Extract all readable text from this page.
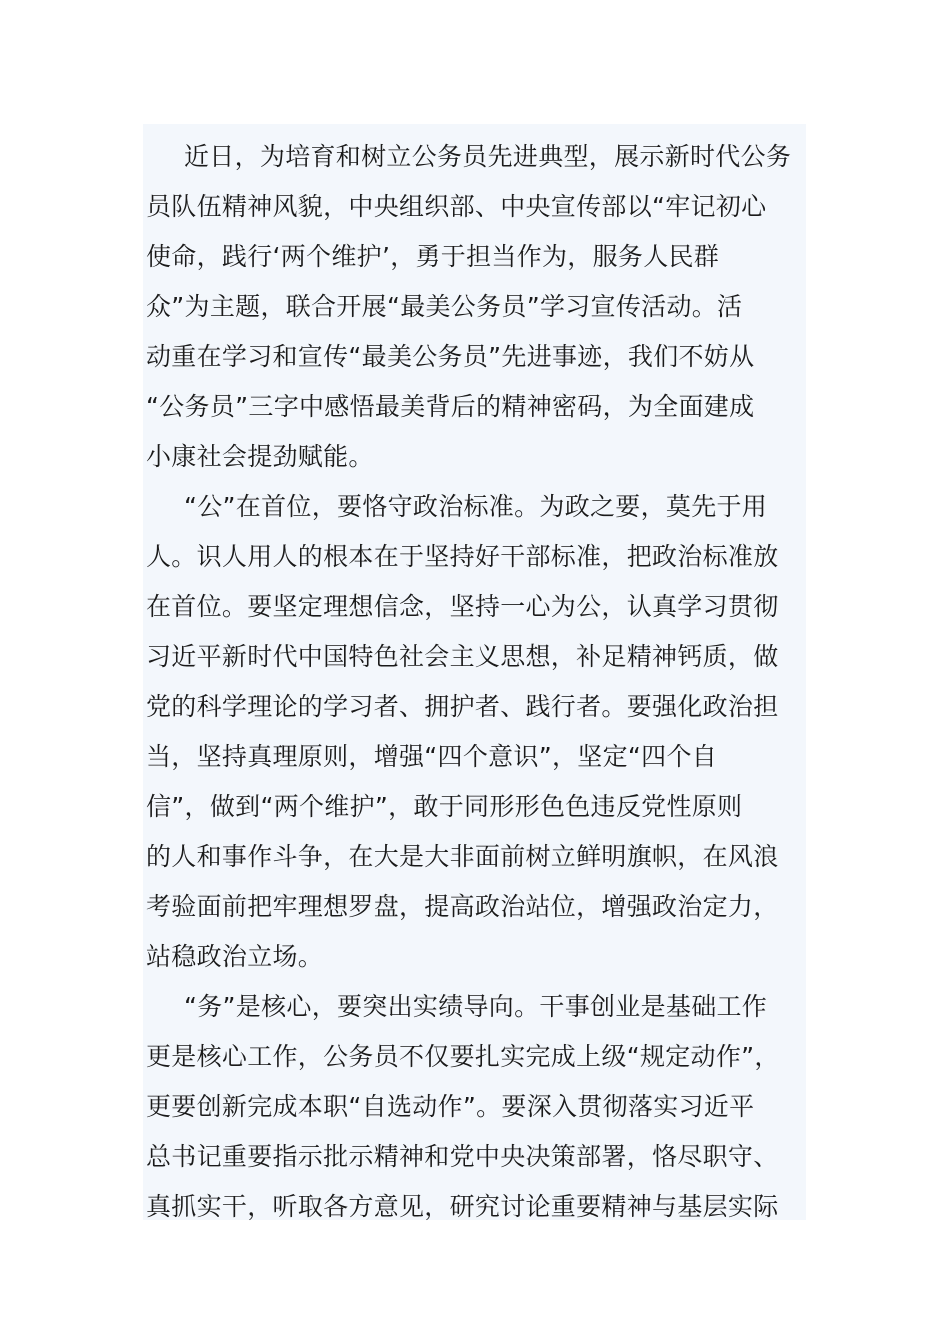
近日，为培育和树立公务员先进典型，展示新时代公务
员队伍精神风貌，中央组织部、中央宣传部以“牢记初心
使命，践行‘两个维护’，勇于担当作为，服务人民群
众”为主题，联合开展“最美公务员”学习宣传活动。活
动重在学习和宣传“最美公务员”先进事迹，我们不妨从
“公务员”三字中感悟最美背后的精神密码，为全面建成
小康社会提劲赋能。
“公”在首位，要恪守政治标准。为政之要，莫先于用
人。识人用人的根本在于坚持好干部标准，把政治标准放
在首位。要坚定理想信念，坚持一心为公，认真学习贯彻
习近平新时代中国特色社会主义思想，补足精神钙质，做
党的科学理论的学习者、拥护者、践行者。要强化政治担
当，坚持真理原则，增强“四个意识”，坚定“四个自
信”，做到“两个维护”，敢于同形形色色违反党性原则
的人和事作斗争，在大是大非面前树立鲜明旗帜，在风浪
考验面前把牢理想罗盘，提高政治站位，增强政治定力，
站稳政治立场。
“务”是核心，要突出实绩导向。干事创业是基础工作
更是核心工作，公务员不仅要扎实完成上级“规定动作”，
更要创新完成本职“自选动作”。要深入贯彻落实习近平
总书记重要指示批示精神和党中央决策部署，恪尽职守、
真抓实干，听取各方意见，研究讨论重要精神与基层实际
